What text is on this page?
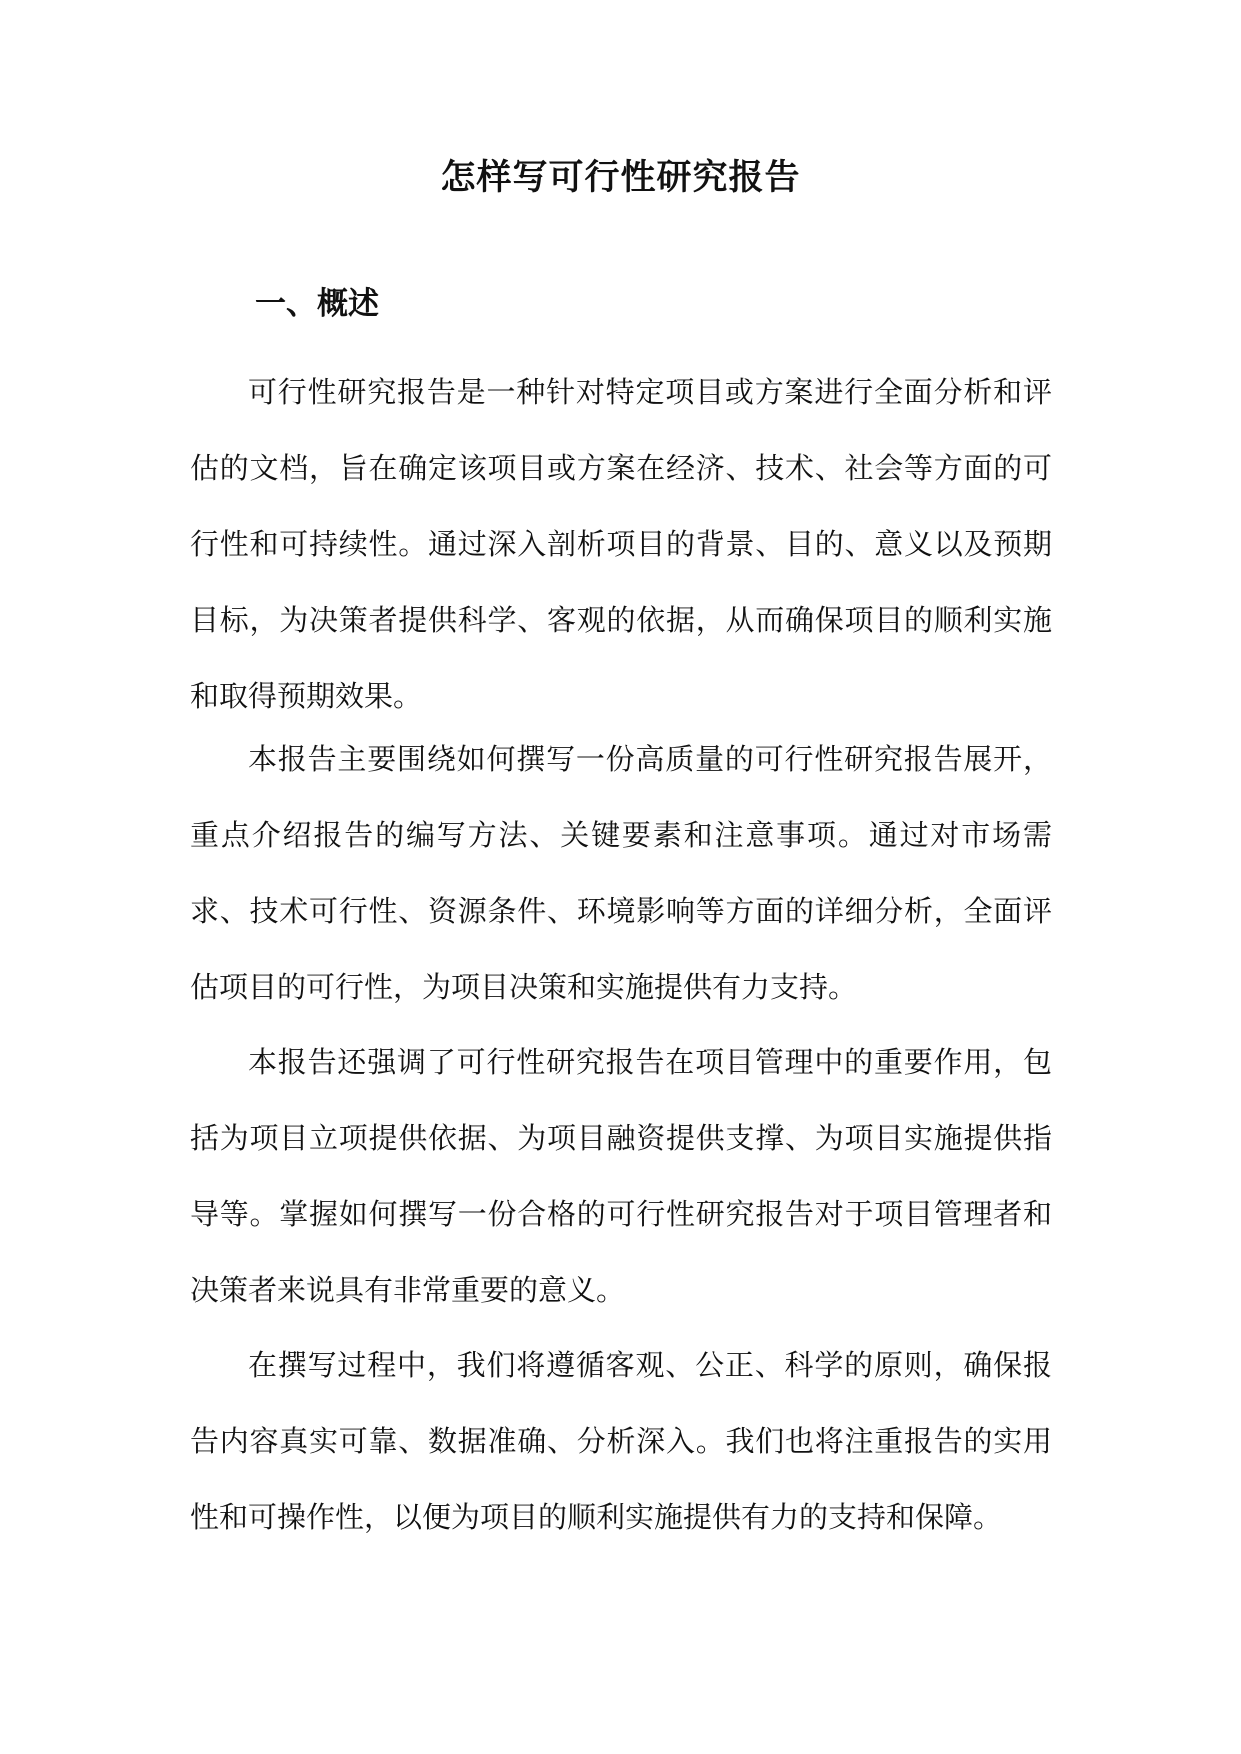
怎样写可行性研究报告
一、概述

可行性研究报告是一种针对特定项目或方案进行全面分析和评估的文档，旨在确定该项目或方案在经济、技术、社会等方面的可行性和可持续性。通过深入剖析项目的背景、目的、意义以及预期目标，为决策者提供科学、客观的依据，从而确保项目的顺利实施和取得预期效果。

本报告主要围绕如何撰写一份高质量的可行性研究报告展开，重点介绍报告的编写方法、关键要素和注意事项。通过对市场需求、技术可行性、资源条件、环境影响等方面的详细分析，全面评估项目的可行性，为项目决策和实施提供有力支持。

本报告还强调了可行性研究报告在项目管理中的重要作用，包括为项目立项提供依据、为项目融资提供支撑、为项目实施提供指导等。掌握如何撰写一份合格的可行性研究报告对于项目管理者和决策者来说具有非常重要的意义。

在撰写过程中，我们将遵循客观、公正、科学的原则，确保报告内容真实可靠、数据准确、分析深入。我们也将注重报告的实用性和可操作性，以便为项目的顺利实施提供有力的支持和保障。
